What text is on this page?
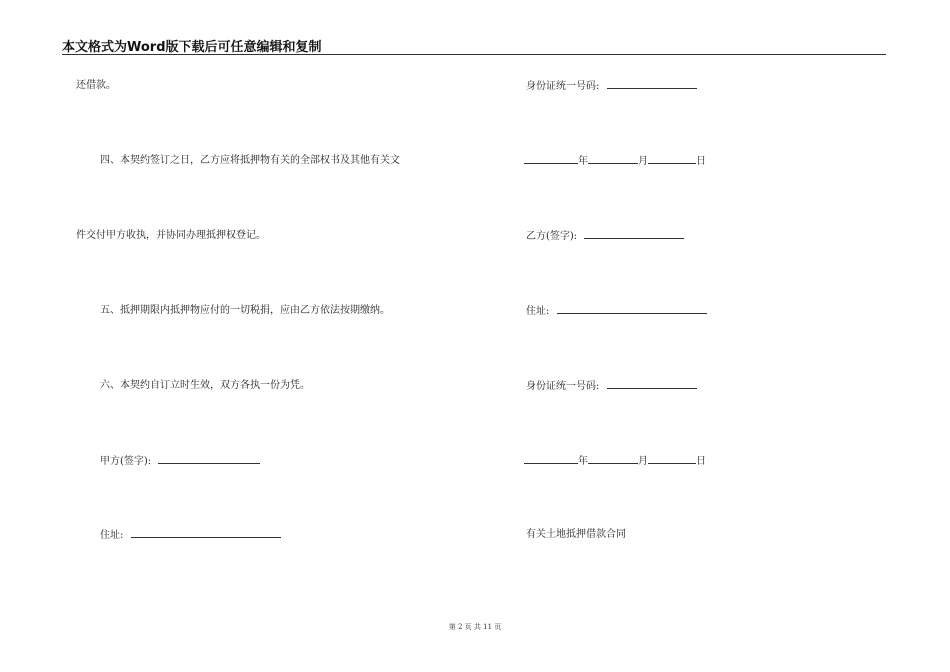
本文格式为Word版下载后可任意编辑和复制
还借款。
四、本契约签订之日，乙方应将抵押物有关的全部权书及其他有关文
件交付甲方收执，并协同办理抵押权登记。
五、抵押期限内抵押物应付的一切税捐，应由乙方依法按期缴纳。
六、本契约自订立时生效，双方各执一份为凭。
甲方(签字):
住址:
身份证统一号码:
年	月	日
乙方(签字):
住址:
身份证统一号码:
年	月	日
有关土地抵押借款合同
第 2 页 共 11 页
